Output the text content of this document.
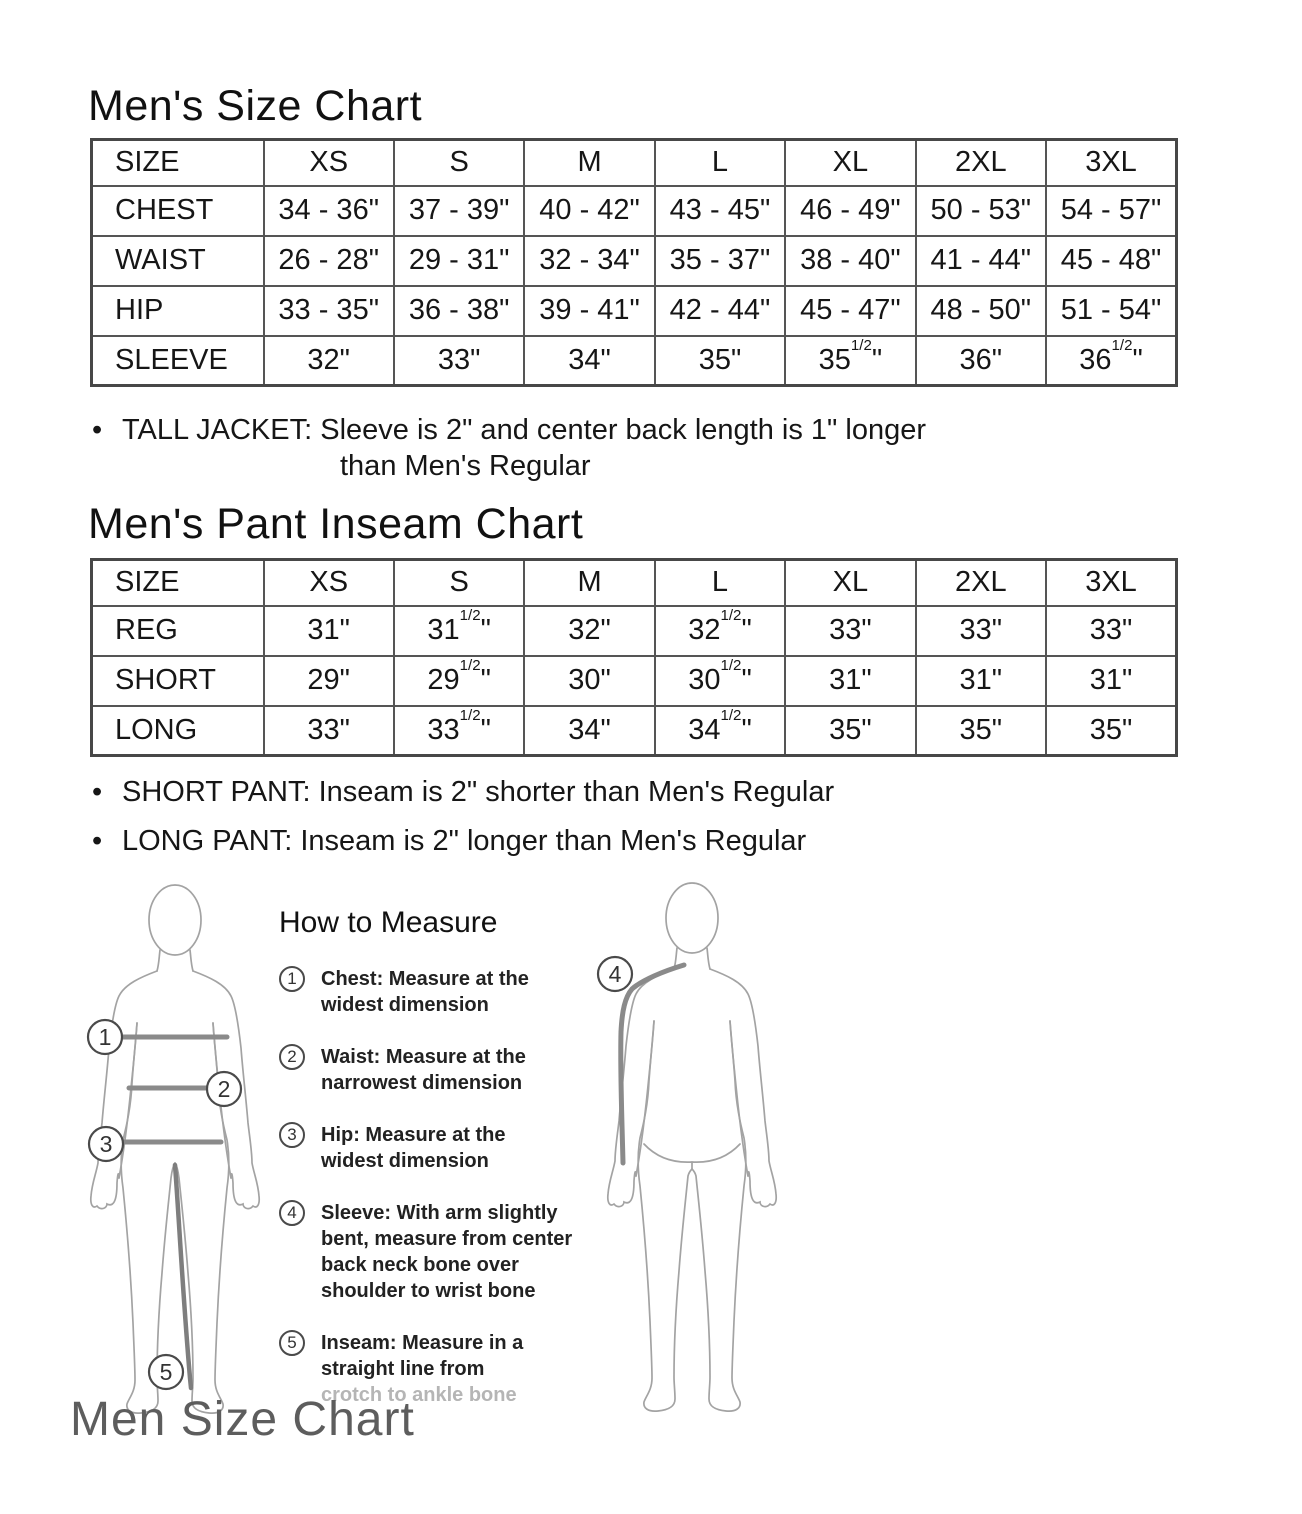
Men's Size Chart
SIZE	XS	S	M	L	XL	2XL	3XL
CHEST	34 - 36"	37 - 39"	40 - 42"	43 - 45"	46 - 49"	50 - 53"	54 - 57"
WAIST	26 - 28"	29 - 31"	32 - 34"	35 - 37"	38 - 40"	41 - 44"	45 - 48"
HIP	33 - 35"	36 - 38"	39 - 41"	42 - 44"	45 - 47"	48 - 50"	51 - 54"
SLEEVE	32"	33"	34"	35"	$35^{1/2}$"	36"	$36^{1/2}$"
• TALL JACKET: Sleeve is 2" and center back length is 1" longer
than Men's Regular
Men's Pant Inseam Chart
SIZE	XS	S	M	L	XL	2XL	3XL
REG	31"	$31^{1/2}$"	32"	$32^{1/2}$"	33"	33"	33"
SHORT	29"	$29^{1/2}$"	30"	$30^{1/2}$"	31"	31"	31"
LONG	33"	$33^{1/2}$"	34"	$34^{1/2}$"	35"	35"	35"
• SHORT PANT: Inseam is 2" shorter than Men's Regular
• LONG PANT: Inseam is 2" longer than Men's Regular
1
2
3
5
How to Measure
1	Chest: Measure at the
widest dimension
2	Waist: Measure at the
narrowest dimension
3	Hip: Measure at the
widest dimension
4	Sleeve: With arm slightly
bent, measure from center
back neck bone over
shoulder to wrist bone
5	Inseam: Measure in a
straight line from
crotch to ankle bone
4
Men Size Chart
